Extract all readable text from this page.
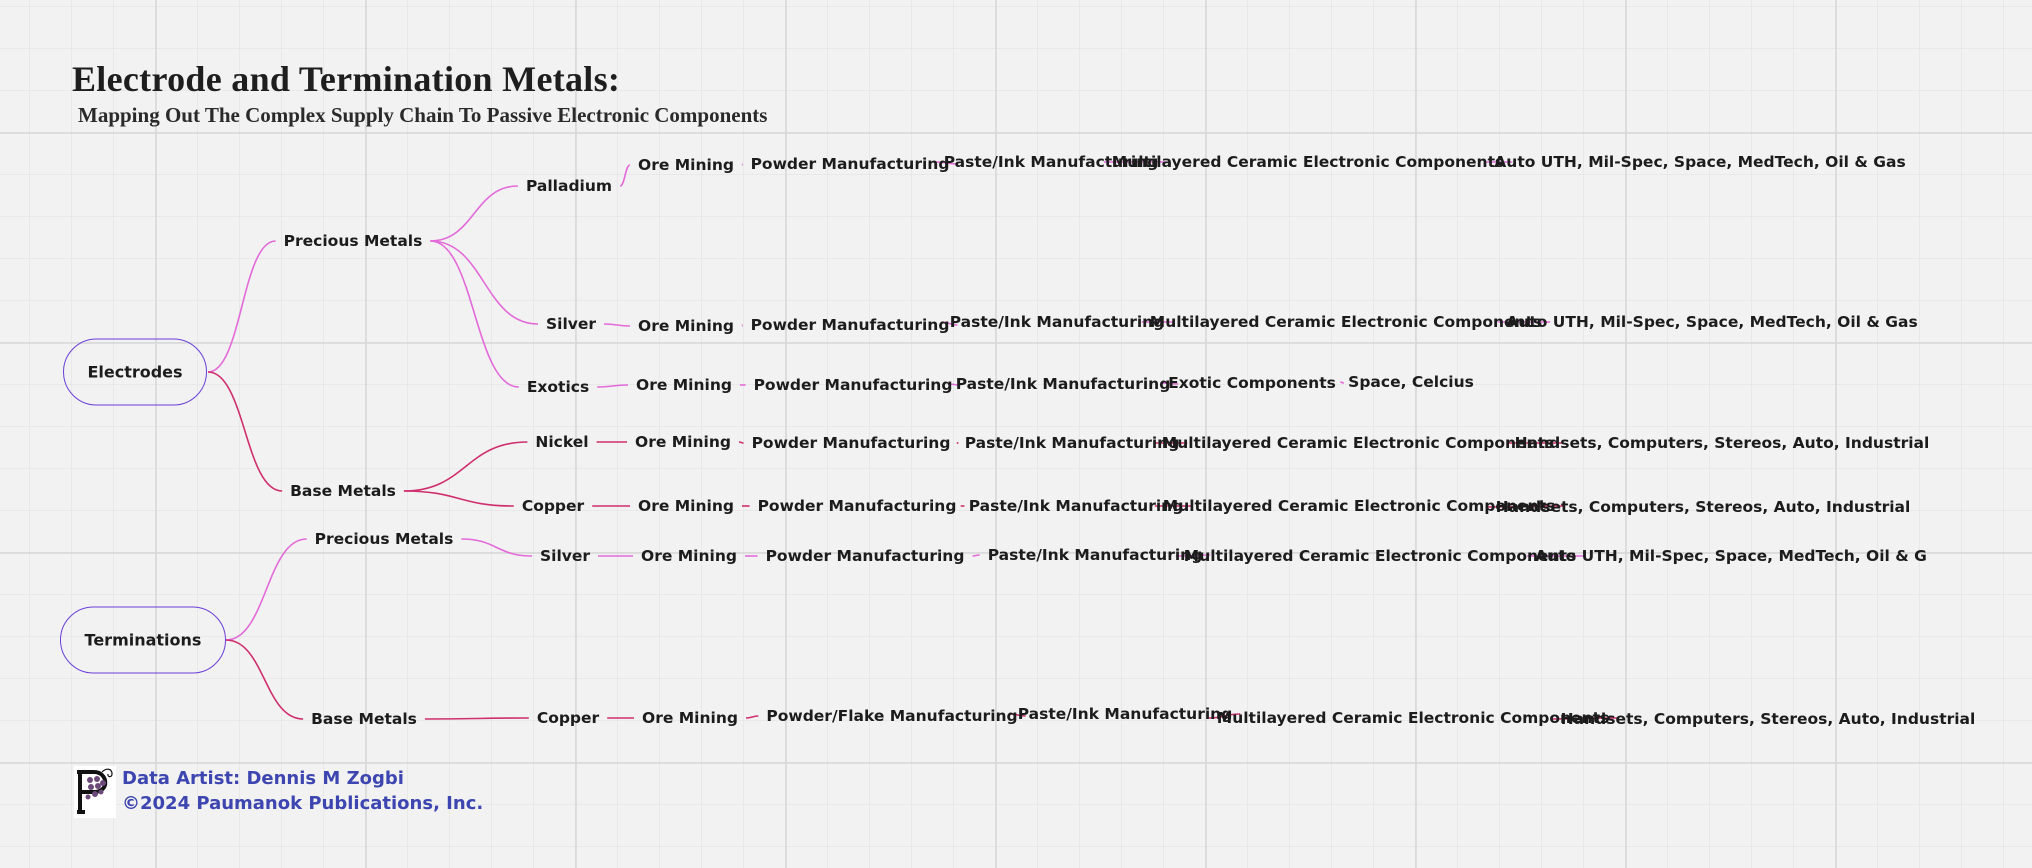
Electrode and Termination Metals:
Mapping Out The Complex Supply Chain To Passive Electronic Components
Electrodes
Terminations
Precious Metals
Base Metals
Precious Metals
Base Metals
Palladium
Ore Mining Powder Manufacturing
Paste/Ink Manufacturing
Multilayered Ceramic Electronic Components
Auto UTH, Mil-Spec, Space, MedTech, Oil & Gas
Silver	Ore Mining Powder Manufacturing Paste/Ink Manufacturing
Multilayered Ceramic Electronic Components
Auto UTH, Mil-Spec, Space, MedTech, Oil & Gas
Exotics	Ore Mining Powder Manufacturing Paste/Ink Manufacturing
Exotic Components Space, Celcius
Nickel	Ore Mining Powder Manufacturing Paste/Ink Manufacturing
Multilayered Ceramic Electronic Components
Handsets, Computers, Stereos, Auto, Industrial
Copper	Ore Mining Powder Manufacturing Paste/Ink Manufacturing
Multilayered Ceramic Electronic Components
Handsets, Computers, Stereos, Auto, Industrial
Silver	Ore Mining Powder Manufacturing Paste/Ink Manufacturing
Multilayered Ceramic Electronic Components
Auto UTH, Mil-Spec, Space, MedTech, Oil & G
Copper	Ore Mining Powder/Flake Manufacturing Paste/Ink Manufacturing
Multilayered Ceramic Electronic Components
Handsets, Computers, Stereos, Auto, Industrial
Data Artist: Dennis M Zogbi
©2024 Paumanok Publications, Inc.
